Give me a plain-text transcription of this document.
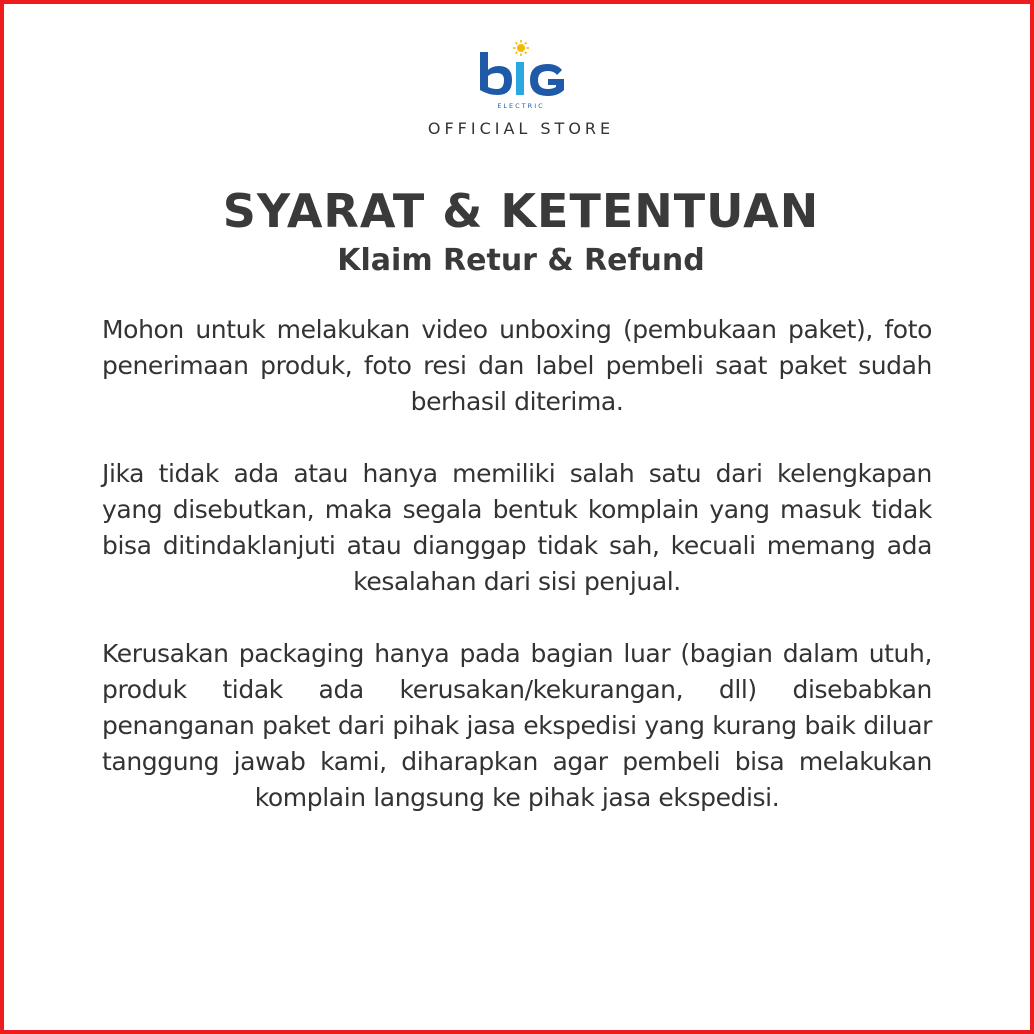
ELECTRIC
OFFICIAL STORE
SYARAT & KETENTUAN
Klaim Retur & Refund

Mohon untuk melakukan video unboxing (pembukaan paket), foto penerimaan produk, foto resi dan label pembeli saat paket sudah berhasil diterima.

Jika tidak ada atau hanya memiliki salah satu dari kelengkapan yang disebutkan, maka segala bentuk komplain yang masuk tidak bisa ditindaklanjuti atau dianggap tidak sah, kecuali memang ada kesalahan dari sisi penjual.

Kerusakan packaging hanya pada bagian luar (bagian dalam utuh, produk tidak ada kerusakan/kekurangan, dll) disebabkan penanganan paket dari pihak jasa ekspedisi yang kurang baik diluar tanggung jawab kami, diharapkan agar pembeli bisa melakukan komplain langsung ke pihak jasa ekspedisi.
